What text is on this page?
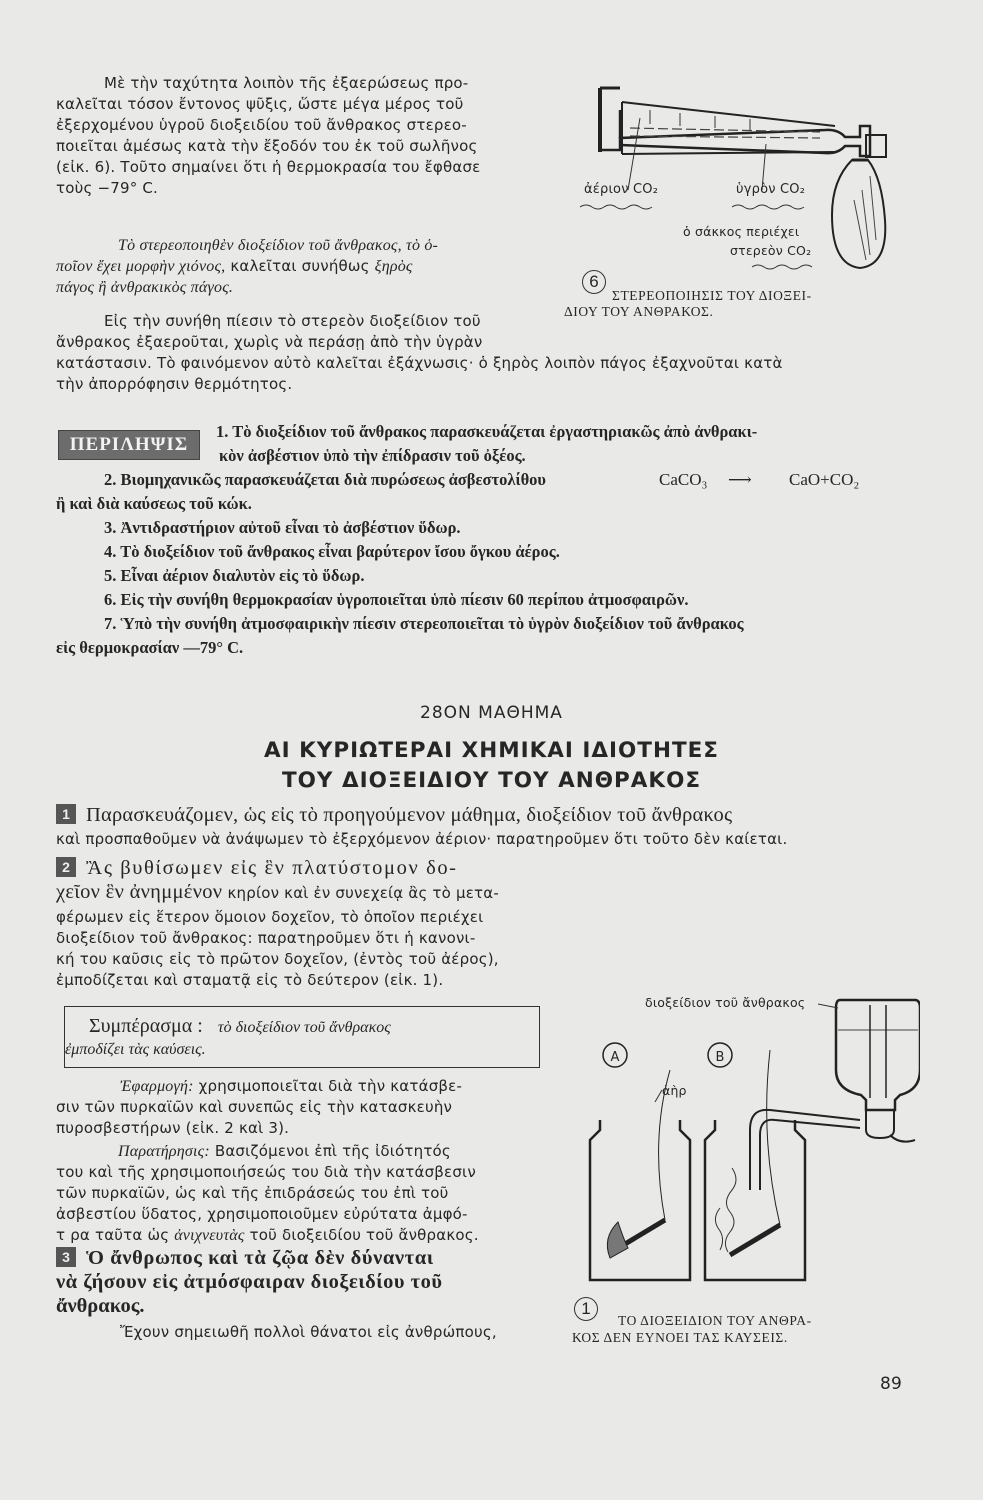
Μὲ τὴν ταχύτητα λοιπὸν τῆς ἐξαερώσεως προ-
καλεῖται τόσον ἔντονος ψῦξις, ὥστε μέγα μέρος τοῦ
ἐξερχομένου ὑγροῦ διοξειδίου τοῦ ἄνθρακος στερεο-
ποιεῖται ἀμέσως κατὰ τὴν ἔξοδόν του ἐκ τοῦ σωλῆνος
(εἰκ. 6). Τοῦτο σημαίνει ὅτι ἡ θερμοκρασία του ἔφθασε
τοὺς −79° C.
Τὸ στερεοποιηθὲν διοξείδιον τοῦ ἄνθρακος, τὸ ὁ-
ποῖον ἔχει μορφὴν χιόνος, καλεῖται συνήθως ξηρὸς
πάγος ἢ ἀνθρακικὸς πάγος.
Εἰς τὴν συνήθη πίεσιν τὸ στερεὸν διοξείδιον τοῦ
ἄνθρακος ἐξαεροῦται, χωρὶς νὰ περάσῃ ἀπὸ τὴν ὑγρὰν
κατάστασιν. Τὸ φαινόμενον αὐτὸ καλεῖται ἐξάχνωσις· ὁ ξηρὸς λοιπὸν πάγος ἐξαχνοῦται κατὰ
τὴν ἀπορρόφησιν θερμότητος.
ἀέριον CO₂	ὑγρὸν CO₂
ὁ σάκκος περιέχει
στερεὸν CO₂
6
ΣΤΕΡΕΟΠΟΙΗΣΙΣ ΤΟΥ ΔΙΟΞΕΙ-
ΔΙΟΥ ΤΟΥ ΑΝΘΡΑΚΟΣ.
ΠΕΡΙΛΗΨΙΣ
1. Τὸ διοξείδιον τοῦ ἄνθρακος παρασκευάζεται ἐργαστηριακῶς ἀπὸ ἀνθρακι-
κὸν ἀσβέστιον ὑπὸ τὴν ἐπίδρασιν τοῦ ὀξέος.
2. Βιομηχανικῶς παρασκευάζεται διὰ πυρώσεως ἀσβεστολίθου	CaCO₃ ⟶ CaO+CO₂
ἢ καὶ διὰ καύσεως τοῦ κώκ.
3. Ἀντιδραστήριον αὐτοῦ εἶναι τὸ ἀσβέστιον ὕδωρ.
4. Τὸ διοξείδιον τοῦ ἄνθρακος εἶναι βαρύτερον ἴσου ὄγκου ἀέρος.
5. Εἶναι ἀέριον διαλυτὸν εἰς τὸ ὕδωρ.
6. Εἰς τὴν συνήθη θερμοκρασίαν ὑγροποιεῖται ὑπὸ πίεσιν 60 περίπου ἀτμοσφαιρῶν.
7. Ὑπὸ τὴν συνήθη ἀτμοσφαιρικὴν πίεσιν στερεοποιεῖται τὸ ὑγρὸν διοξείδιον τοῦ ἄνθρακος
εἰς θερμοκρασίαν —79° C.
28ΟΝ ΜΑΘΗΜΑ
ΑΙ ΚΥΡΙΩΤΕΡΑΙ ΧΗΜΙΚΑΙ ΙΔΙΟΤΗΤΕΣ
ΤΟΥ ΔΙΟΞΕΙΔΙΟΥ ΤΟΥ ΑΝΘΡΑΚΟΣ
1 Παρασκευάζομεν, ὡς εἰς τὸ προηγούμενον μάθημα, διοξείδιον τοῦ ἄνθρακος
καὶ προσπαθοῦμεν νὰ ἀνάψωμεν τὸ ἐξερχόμενον ἀέριον· παρατηροῦμεν ὅτι τοῦτο δὲν καίεται.
2 Ἂς βυθίσωμεν εἰς ἓν πλατύστομον δο-
χεῖον ἓν ἀνημμένον κηρίον καὶ ἐν συνεχείᾳ ἂς τὸ μετα-
φέρωμεν εἰς ἕτερον ὅμοιον δοχεῖον, τὸ ὁποῖον περιέχει
διοξείδιον τοῦ ἄνθρακος: παρατηροῦμεν ὅτι ἡ κανονι-
κή του καῦσις εἰς τὸ πρῶτον δοχεῖον, (ἐντὸς τοῦ ἀέρος),
ἐμποδίζεται καὶ σταματᾷ εἰς τὸ δεύτερον (εἰκ. 1).
Συμπέρασμα : τὸ διοξείδιον τοῦ ἄνθρακος
ἐμποδίζει τὰς καύσεις.
Ἐφαρμογή: χρησιμοποιεῖται διὰ τὴν κατάσβε-
σιν τῶν πυρκαϊῶν καὶ συνεπῶς εἰς τὴν κατασκευὴν
πυροσβεστήρων (εἰκ. 2 καὶ 3).
Παρατήρησις: Βασιζόμενοι ἐπὶ τῆς ἰδιότητός
του καὶ τῆς χρησιμοποιήσεώς του διὰ τὴν κατάσβεσιν
τῶν πυρκαϊῶν, ὡς καὶ τῆς ἐπιδράσεώς του ἐπὶ τοῦ
ἀσβεστίου ὕδατος, χρησιμοποιοῦμεν εὐρύτατα ἀμφό-
τ ρα ταῦτα ὡς ἀνιχνευτὰς τοῦ διοξειδίου τοῦ ἄνθρακος.
3 Ὁ ἄνθρωπος καὶ τὰ ζῷα δὲν δύνανται
νὰ ζήσουν εἰς ἀτμόσφαιραν διοξειδίου τοῦ
ἄνθρακος.
Ἔχουν σημειωθῆ πολλοὶ θάνατοι εἰς ἀνθρώπους,
διοξείδιον τοῦ ἄνθρακος
A	B
ἀὴρ
1
ΤΟ ΔΙΟΞΕΙΔΙΟΝ ΤΟΥ ΑΝΘΡΑ-
ΚΟΣ ΔΕΝ ΕΥΝΟΕΙ ΤΑΣ ΚΑΥΣΕΙΣ.
89
